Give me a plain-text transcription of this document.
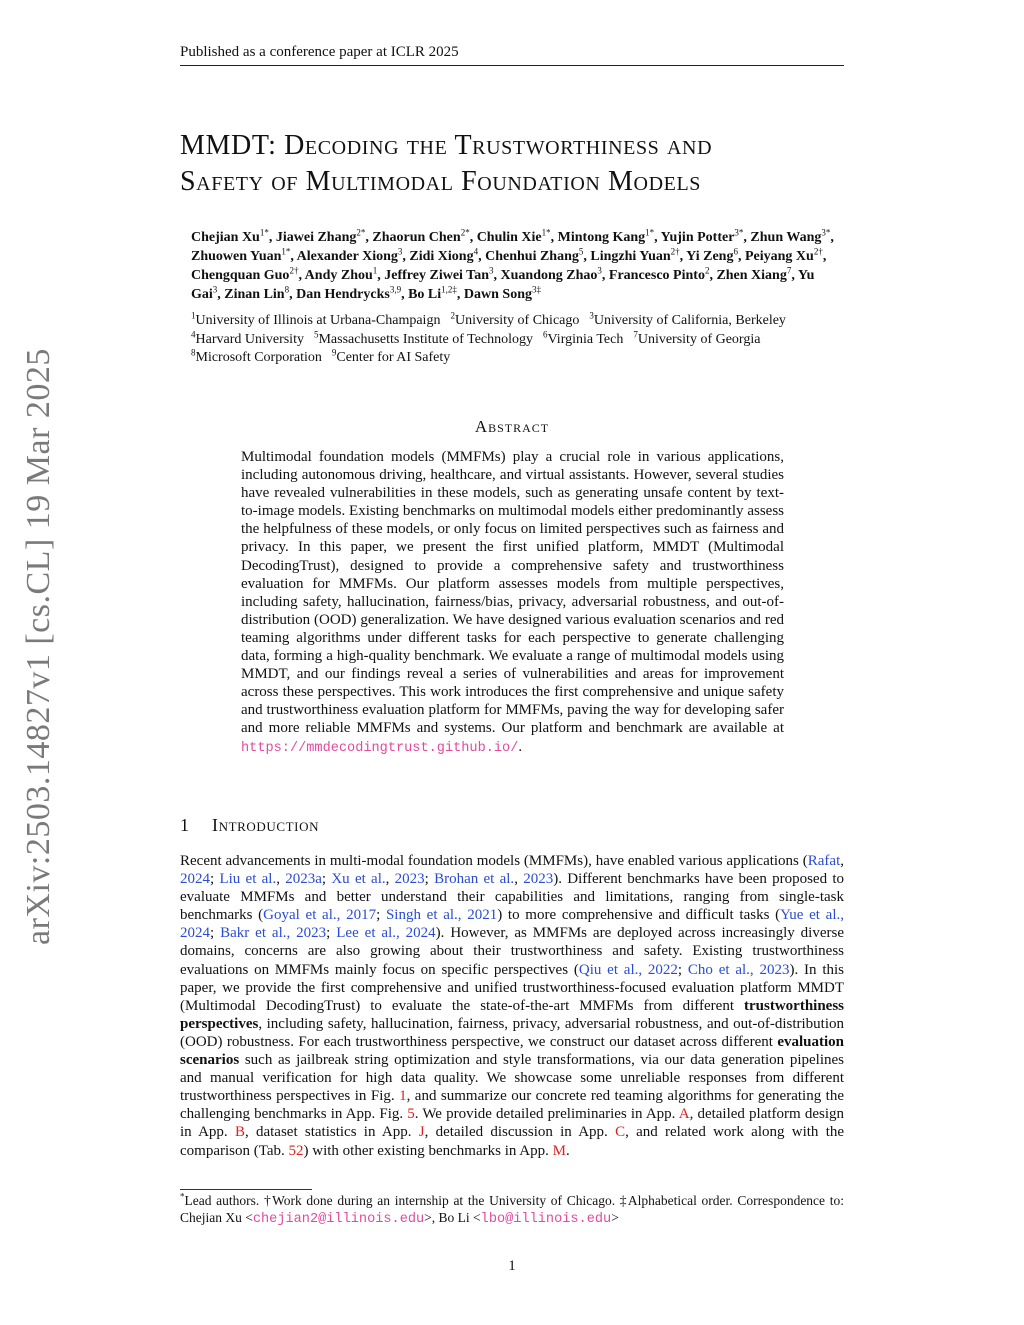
Published as a conference paper at ICLR 2025
arXiv:2503.14827v1 [cs.CL] 19 Mar 2025
MMDT: Decoding the Trustworthiness and
Safety of Multimodal Foundation Models
Chejian $Xu^{1*}$, Jiawei Zhang$^{2*}$, Zhaorun Chen$^{2*}$, Chulin Xie$^{1*}$, Mintong Kang$^{1*}$, Yujin Potter$^{3*}$, Zhun Wang$^{3*}$, Zhuowen Yuan$^{1*}$, Alexander Xiong$^3$, Zidi Xiong$^4$, Chenhui Zhang$^5$, Lingzhi Yuan$^{2\dagger}$, Yi Zeng$^6$, Peiyang $Xu^{2\dagger}$, Chengquan Guo$^{2\dagger}$, Andy Zhou$^1$, Jeffrey Ziwei Tan$^3$, Xuandong Zhao$^3$, Francesco Pinto$^2$, Zhen Xiang$^7$, Yu Gai$^3$, Zinan Lin$^8$, Dan Hendrycks$^{3,9}$, Bo $Li^{1,2\ddagger}$, Dawn Song$^{3\ddagger}$
$^1$University of Illinois at Urbana-Champaign $^2$University of Chicago $^3$University of California, Berkeley
$^4$Harvard University $^5$Massachusetts Institute of Technology $^6$Virginia Tech $^7$University of Georgia
$^8$Microsoft Corporation $^9$Center for AI Safety
Abstract
Multimodal foundation models (MMFMs) play a crucial role in various applications, including autonomous driving, healthcare, and virtual assistants. However, several studies have revealed vulnerabilities in these models, such as generating unsafe content by text-to-image models. Existing benchmarks on multimodal models either predominantly assess the helpfulness of these models, or only focus on limited perspectives such as fairness and privacy. In this paper, we present the first unified platform, MMDT (Multimodal DecodingTrust), designed to provide a comprehensive safety and trustworthiness evaluation for MMFMs. Our platform assesses models from multiple perspectives, including safety, hallucination, fairness/bias, privacy, adversarial robustness, and out-of-distribution (OOD) generalization. We have designed various evaluation scenarios and red teaming algorithms under different tasks for each perspective to generate challenging data, forming a high-quality benchmark. We evaluate a range of multimodal models using MMDT, and our findings reveal a series of vulnerabilities and areas for improvement across these perspectives. This work introduces the first comprehensive and unique safety and trustworthiness evaluation platform for MMFMs, paving the way for developing safer and more reliable MMFMs and systems. Our platform and benchmark are available at https://mmdecodingtrust.github.io/.
1 Introduction
Recent advancements in multi-modal foundation models (MMFMs), have enabled various applications (Rafat, 2024; Liu et al., 2023a; Xu et al., 2023; Brohan et al., 2023). Different benchmarks have been proposed to evaluate MMFMs and better understand their capabilities and limitations, ranging from single-task benchmarks (Goyal et al., 2017; Singh et al., 2021) to more comprehensive and difficult tasks (Yue et al., 2024; Bakr et al., 2023; Lee et al., 2024). However, as MMFMs are deployed across increasingly diverse domains, concerns are also growing about their trustworthiness and safety. Existing trustworthiness evaluations on MMFMs mainly focus on specific perspectives (Qiu et al., 2022; Cho et al., 2023). In this paper, we provide the first comprehensive and unified trustworthiness-focused evaluation platform MMDT (Multimodal DecodingTrust) to evaluate the state-of-the-art MMFMs from different trustworthiness perspectives, including safety, hallucination, fairness, privacy, adversarial robustness, and out-of-distribution (OOD) robustness. For each trustworthiness perspective, we construct our dataset across different evaluation scenarios such as jailbreak string optimization and style transformations, via our data generation pipelines and manual verification for high data quality. We showcase some unreliable responses from different trustworthiness perspectives in Fig. 1, and summarize our concrete red teaming algorithms for generating the challenging benchmarks in App. Fig. 5. We provide detailed preliminaries in App. A, detailed platform design in App. B, dataset statistics in App. J, detailed discussion in App. C, and related work along with the comparison (Tab. 52) with other existing benchmarks in App. M.
*Lead authors. †Work done during an internship at the University of Chicago. ‡Alphabetical order. Correspondence to: Chejian Xu <chejian2@illinois.edu>, Bo Li <lbo@illinois.edu>
1
